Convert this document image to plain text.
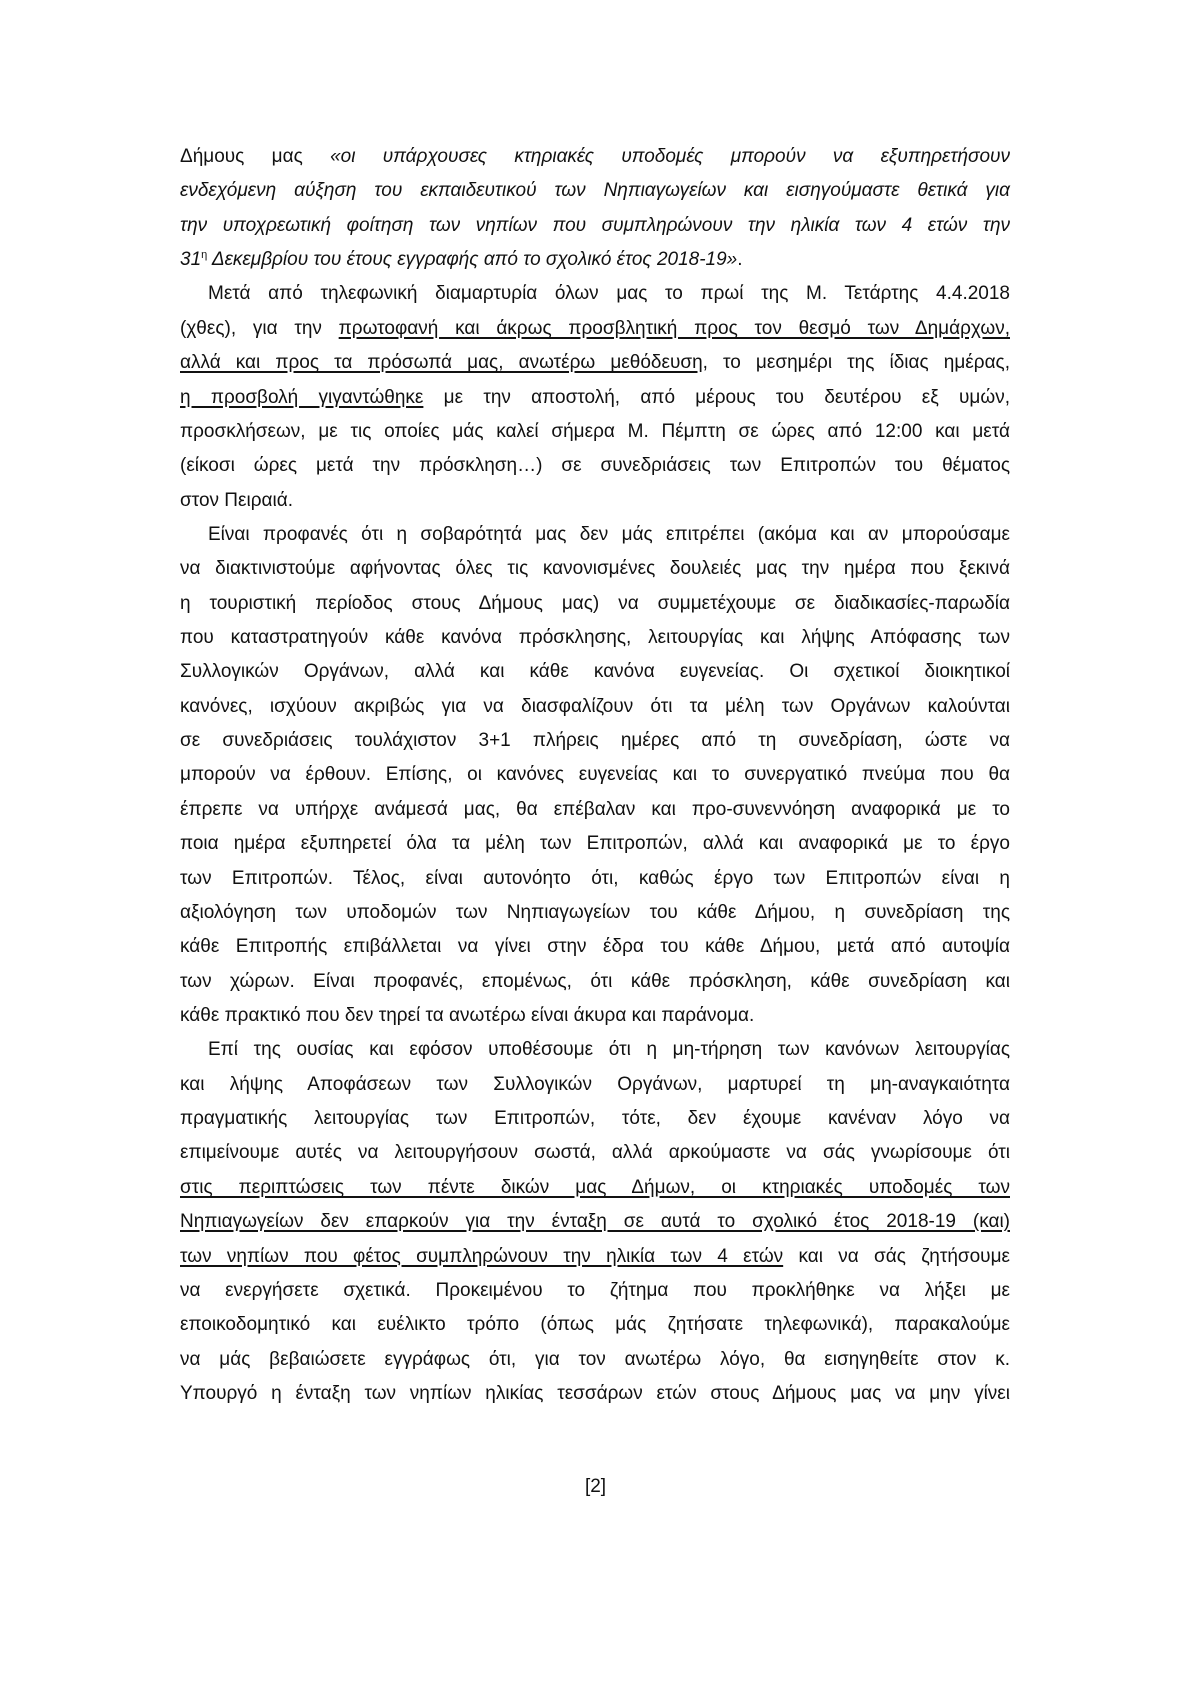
Δήμους μας «οι υπάρχουσες κτηριακές υποδομές μπορούν να εξυπηρετήσουν
ενδεχόμενη αύξηση του εκπαιδευτικού των Νηπιαγωγείων και εισηγούμαστε θετικά για
την υποχρεωτική φοίτηση των νηπίων που συμπληρώνουν την ηλικία των 4 ετών την
$31^\eta$ Δεκεμβρίου του έτους εγγραφής από το σχολικό έτος 2018-19».
Μετά από τηλεφωνική διαμαρτυρία όλων μας το πρωί της Μ. Τετάρτης 4.4.2018
(χθες), για την πρωτοφανή και άκρως προσβλητική προς τον θεσμό των Δημάρχων,
αλλά και προς τα πρόσωπά μας, ανωτέρω μεθόδευση, το μεσημέρι της ίδιας ημέρας,
η προσβολή γιγαντώθηκε με την αποστολή, από μέρους του δευτέρου εξ υμών,
προσκλήσεων, με τις οποίες μάς καλεί σήμερα Μ. Πέμπτη σε ώρες από 12:00 και μετά
(είκοσι ώρες μετά την πρόσκληση…) σε συνεδριάσεις των Επιτροπών του θέματος
στον Πειραιά.
Είναι προφανές ότι η σοβαρότητά μας δεν μάς επιτρέπει (ακόμα και αν μπορούσαμε
να διακτινιστούμε αφήνοντας όλες τις κανονισμένες δουλειές μας την ημέρα που ξεκινά
η τουριστική περίοδος στους Δήμους μας) να συμμετέχουμε σε διαδικασίες-παρωδία
που καταστρατηγούν κάθε κανόνα πρόσκλησης, λειτουργίας και λήψης Απόφασης των
Συλλογικών Οργάνων, αλλά και κάθε κανόνα ευγενείας. Οι σχετικοί διοικητικοί
κανόνες, ισχύουν ακριβώς για να διασφαλίζουν ότι τα μέλη των Οργάνων καλούνται
σε συνεδριάσεις τουλάχιστον 3+1 πλήρεις ημέρες από τη συνεδρίαση, ώστε να
μπορούν να έρθουν. Επίσης, οι κανόνες ευγενείας και το συνεργατικό πνεύμα που θα
έπρεπε να υπήρχε ανάμεσά μας, θα επέβαλαν και προ-συνεννόηση αναφορικά με το
ποια ημέρα εξυπηρετεί όλα τα μέλη των Επιτροπών, αλλά και αναφορικά με το έργο
των Επιτροπών. Τέλος, είναι αυτονόητο ότι, καθώς έργο των Επιτροπών είναι η
αξιολόγηση των υποδομών των Νηπιαγωγείων του κάθε Δήμου, η συνεδρίαση της
κάθε Επιτροπής επιβάλλεται να γίνει στην έδρα του κάθε Δήμου, μετά από αυτοψία
των χώρων. Είναι προφανές, επομένως, ότι κάθε πρόσκληση, κάθε συνεδρίαση και
κάθε πρακτικό που δεν τηρεί τα ανωτέρω είναι άκυρα και παράνομα.
Επί της ουσίας και εφόσον υποθέσουμε ότι η μη-τήρηση των κανόνων λειτουργίας
και λήψης Αποφάσεων των Συλλογικών Οργάνων, μαρτυρεί τη μη-αναγκαιότητα
πραγματικής λειτουργίας των Επιτροπών, τότε, δεν έχουμε κανέναν λόγο να
επιμείνουμε αυτές να λειτουργήσουν σωστά, αλλά αρκούμαστε να σάς γνωρίσουμε ότι
στις περιπτώσεις των πέντε δικών μας Δήμων, οι κτηριακές υποδομές των
Νηπιαγωγείων δεν επαρκούν για την ένταξη σε αυτά το σχολικό έτος 2018-19 (και)
των νηπίων που φέτος συμπληρώνουν την ηλικία των 4 ετών και να σάς ζητήσουμε
να ενεργήσετε σχετικά. Προκειμένου το ζήτημα που προκλήθηκε να λήξει με
εποικοδομητικό και ευέλικτο τρόπο (όπως μάς ζητήσατε τηλεφωνικά), παρακαλούμε
να μάς βεβαιώσετε εγγράφως ότι, για τον ανωτέρω λόγο, θα εισηγηθείτε στον κ.
Υπουργό η ένταξη των νηπίων ηλικίας τεσσάρων ετών στους Δήμους μας να μην γίνει
[2]
